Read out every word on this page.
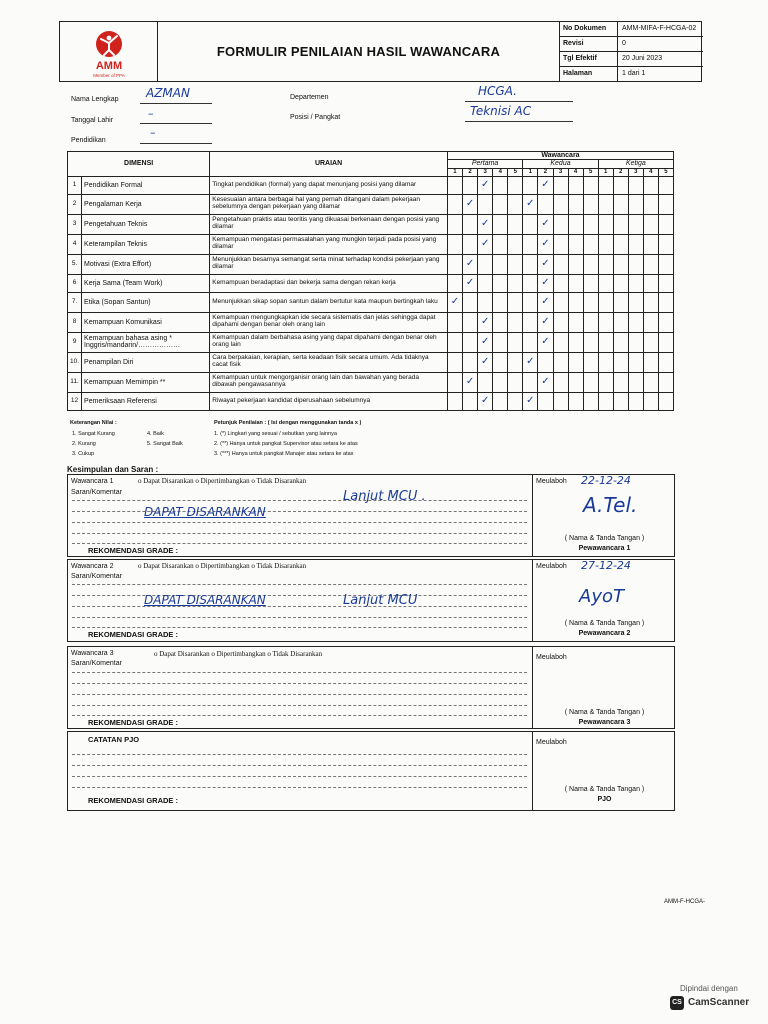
AMM
Member of PPA
FORMULIR PENILAIAN HASIL WAWANCARA
No Dokumen	AMM-MIFA-F-HCGA-02
Revisi	0
Tgl Efektif	20 Juni 2023
Halaman	1 dari 1
Nama Lengkap AZMAN
Tanggal Lahir
–
Pendidikan
–
Departemen	HCGA.
Posisi / Pangkat	Teknisi AC
DIMENSI		URAIAN	Wawancara														
			Pertama					Kedua					Ketiga				
			1	2	3	4	5	1	2	3	4	5	1	2	3	4	5
1	Pendidikan Formal	Tingkat pendidikan (formal) yang dapat menunjang posisi yang dilamar			✓				✓								
2	Pengalaman Kerja	Kesesuaian antara berbagai hal yang pernah ditangani dalam pekerjaan sebelumnya dengan pekerjaan yang dilamar		✓				✓									
3	Pengetahuan Teknis	Pengetahuan praktis atau teoritis yang dikuasai berkenaan dengan posisi yang dilamar			✓				✓								
4	Keterampilan Teknis	Kemampuan mengatasi permasalahan yang mungkin terjadi pada posisi yang dilamar			✓				✓								
5.	Motivasi (Extra Effort)	Menunjukkan besarnya semangat serta minat terhadap kondisi pekerjaan yang dilamar		✓					✓								
6	Kerja Sama (Team Work)	Kemampuan beradaptasi dan bekerja sama dengan rekan kerja		✓					✓								
7.	Etika (Sopan Santun)	Menunjukkan sikap sopan santun dalam bertutur kata maupun bertingkah laku	✓						✓								
8	Kemampuan Komunikasi	Kemampuan mengungkapkan ide secara sistematis dan jelas sehingga dapat dipahami dengan benar oleh orang lain			✓				✓								
9	Kemampuan bahasa asing * Inggris/mandarin/………………	Kemampuan dalam berbahasa asing yang dapat dipahami dengan benar oleh orang lain			✓				✓								
10.	Penampilan Diri	Cara berpakaian, kerapian, serta keadaan fisik secara umum. Ada tidaknya cacat fisik			✓			✓									
11.	Kemampuan Memimpin **	Kemampuan untuk mengorganisir orang lain dan bawahan yang berada dibawah pengawasannya		✓					✓								
12	Pemeriksaan Referensi	Riwayat pekerjaan kandidat diperusahaan sebelumnya			✓			✓									
Keterangan Nilai :
1. Sangat Kurang	4. Baik
2. Kurang	5. Sangat Baik
3. Cukup
Petunjuk Penilaian : ( Isi dengan menggunakan tanda x )
1. (*) Lingkari yang sesuai / sebutkan yang lainnya
2. (**) Hanya untuk pangkat Supervisor atau setara ke atas
3. (***) Hanya untuk pangkat Manajer atau setara ke atas
Kesimpulan dan Saran :
Wawancara 1	o Dapat Disarankan o Dipertimbangkan o Tidak Disarankan
Saran/Komentar	Lanjut MCU .
DAPAT DISARANKAN
REKOMENDASI GRADE :
Meulaboh 22-12-24
A.Tel.
( Nama & Tanda Tangan )
Pewawancara 1
Wawancara 2	o Dapat Disarankan o Dipertimbangkan o Tidak Disarankan
Saran/Komentar
DAPAT DISARANKAN	Lanjut MCU
REKOMENDASI GRADE :
Meulaboh 27-12-24
AyoT
( Nama & Tanda Tangan )
Pewawancara 2
Wawancara 3	o Dapat Disarankan o Dipertimbangkan o Tidak Disarankan
Saran/Komentar
REKOMENDASI GRADE :
Meulaboh
( Nama & Tanda Tangan )
Pewawancara 3
CATATAN PJO
REKOMENDASI GRADE :
Meulaboh
( Nama & Tanda Tangan )
PJO
AMM-F-HCGA-
Dipindai dengan
CS CamScanner
